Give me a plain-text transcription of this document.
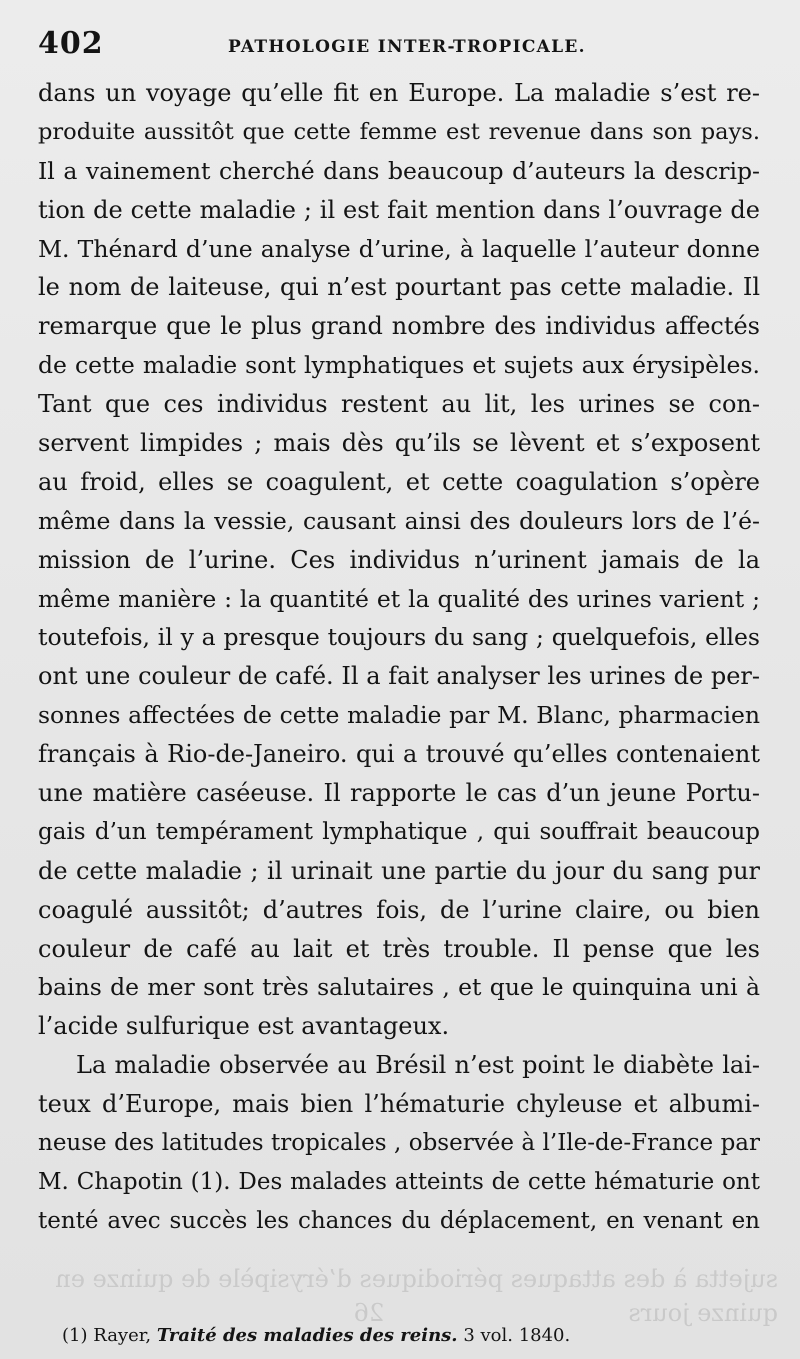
sujetta à des attaques périodiques d’érysipèle de quinze en
quinze jours                                26
402	PATHOLOGIE INTER-TROPICALE.
dans un voyage qu’elle fit en Europe. La maladie s’est re-
produite aussitôt que cette femme est revenue dans son pays.
Il a vainement cherché dans beaucoup d’auteurs la descrip-
tion de cette maladie ; il est fait mention dans l’ouvrage de
M. Thénard d’une analyse d’urine, à laquelle l’auteur donne
le nom de laiteuse, qui n’est pourtant pas cette maladie. Il
remarque que le plus grand nombre des individus affectés
de cette maladie sont lymphatiques et sujets aux érysipèles.
Tant que ces individus restent au lit, les urines se con-
servent limpides ; mais dès qu’ils se lèvent et s’exposent
au froid, elles se coagulent, et cette coagulation s’opère
même dans la vessie, causant ainsi des douleurs lors de l’é-
mission de l’urine. Ces individus n’urinent jamais de la
même manière : la quantité et la qualité des urines varient ;
toutefois, il y a presque toujours du sang ; quelquefois, elles
ont une couleur de café. Il a fait analyser les urines de per-
sonnes affectées de cette maladie par M. Blanc, pharmacien
français à Rio-de-Janeiro. qui a trouvé qu’elles contenaient
une matière caséeuse. Il rapporte le cas d’un jeune Portu-
gais d’un tempérament lymphatique , qui souffrait beaucoup
de cette maladie ; il urinait une partie du jour du sang pur
coagulé aussitôt; d’autres fois, de l’urine claire, ou bien
couleur de café au lait et très trouble. Il pense que les
bains de mer sont très salutaires , et que le quinquina uni à
l’acide sulfurique est avantageux.
La maladie observée au Brésil n’est point le diabète lai-
teux d’Europe, mais bien l’hématurie chyleuse et albumi-
neuse des latitudes tropicales , observée à l’Ile-de-France par
M. Chapotin (1). Des malades atteints de cette hématurie ont
tenté avec succès les chances du déplacement, en venant en
(1) Rayer, Traité des maladies des reins. 3 vol. 1840.
